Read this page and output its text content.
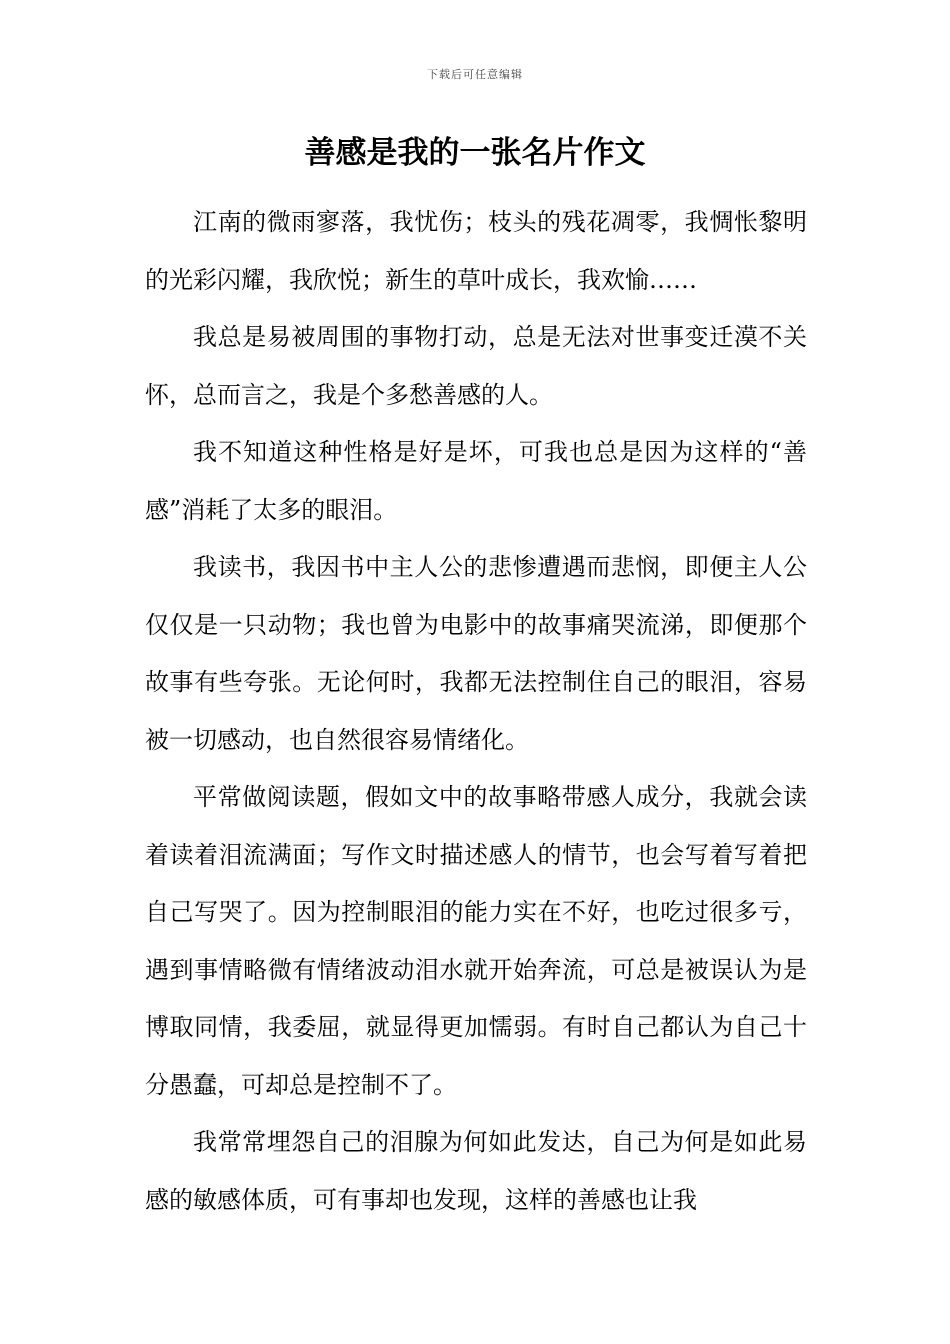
下载后可任意编辑
善感是我的一张名片作文

江南的微雨寥落，我忧伤；枝头的残花凋零，我惆怅黎明的光彩闪耀，我欣悦；新生的草叶成长，我欢愉……

我总是易被周围的事物打动，总是无法对世事变迁漠不关怀，总而言之，我是个多愁善感的人。

我不知道这种性格是好是坏，可我也总是因为这样的“善感”消耗了太多的眼泪。

我读书，我因书中主人公的悲惨遭遇而悲悯，即便主人公仅仅是一只动物；我也曾为电影中的故事痛哭流涕，即便那个故事有些夸张。无论何时，我都无法控制住自己的眼泪，容易被一切感动，也自然很容易情绪化。

平常做阅读题，假如文中的故事略带感人成分，我就会读着读着泪流满面；写作文时描述感人的情节，也会写着写着把自己写哭了。因为控制眼泪的能力实在不好，也吃过很多亏，遇到事情略微有情绪波动泪水就开始奔流，可总是被误认为是博取同情，我委屈，就显得更加懦弱。有时自己都认为自己十分愚蠢，可却总是控制不了。

我常常埋怨自己的泪腺为何如此发达，自己为何是如此易感的敏感体质，可有事却也发现，这样的善感也让我
